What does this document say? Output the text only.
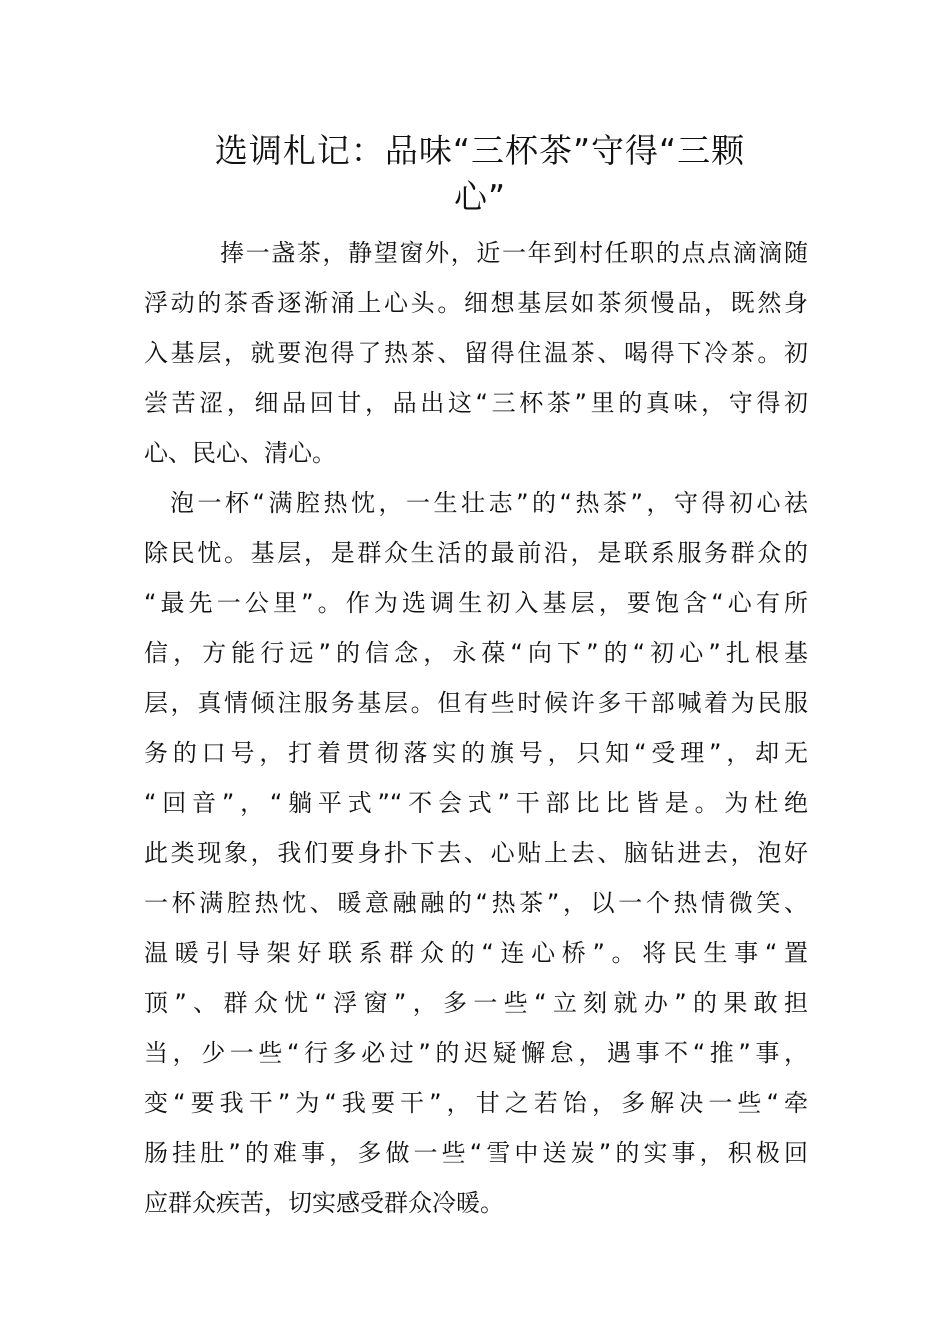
选调札记：品味“三杯茶”守得“三颗
心”
捧一盏茶，静望窗外，近一年到村任职的点点滴滴随
浮动的茶香逐渐涌上心头。细想基层如茶须慢品，既然身
入基层，就要泡得了热茶、留得住温茶、喝得下冷茶。初
尝苦涩，细品回甘，品出这“三杯茶”里的真味，守得初
心、民心、清心。
泡一杯“满腔热忱，一生壮志”的“热茶”，守得初心祛
除民忧。基层，是群众生活的最前沿，是联系服务群众的
“最先一公里”。作为选调生初入基层，要饱含“心有所
信，方能行远”的信念，永葆“向下”的“初心”扎根基
层，真情倾注服务基层。但有些时候许多干部喊着为民服
务的口号，打着贯彻落实的旗号，只知“受理”，却无
“回音”，“躺平式”“不会式”干部比比皆是。为杜绝
此类现象，我们要身扑下去、心贴上去、脑钻进去，泡好
一杯满腔热忱、暖意融融的“热茶”，以一个热情微笑、
温暖引导架好联系群众的“连心桥”。将民生事“置
顶”、群众忧“浮窗”，多一些“立刻就办”的果敢担
当，少一些“行多必过”的迟疑懈怠，遇事不“推”事，
变“要我干”为“我要干”，甘之若饴，多解决一些“牵
肠挂肚”的难事，多做一些“雪中送炭”的实事，积极回
应群众疾苦，切实感受群众冷暖。
